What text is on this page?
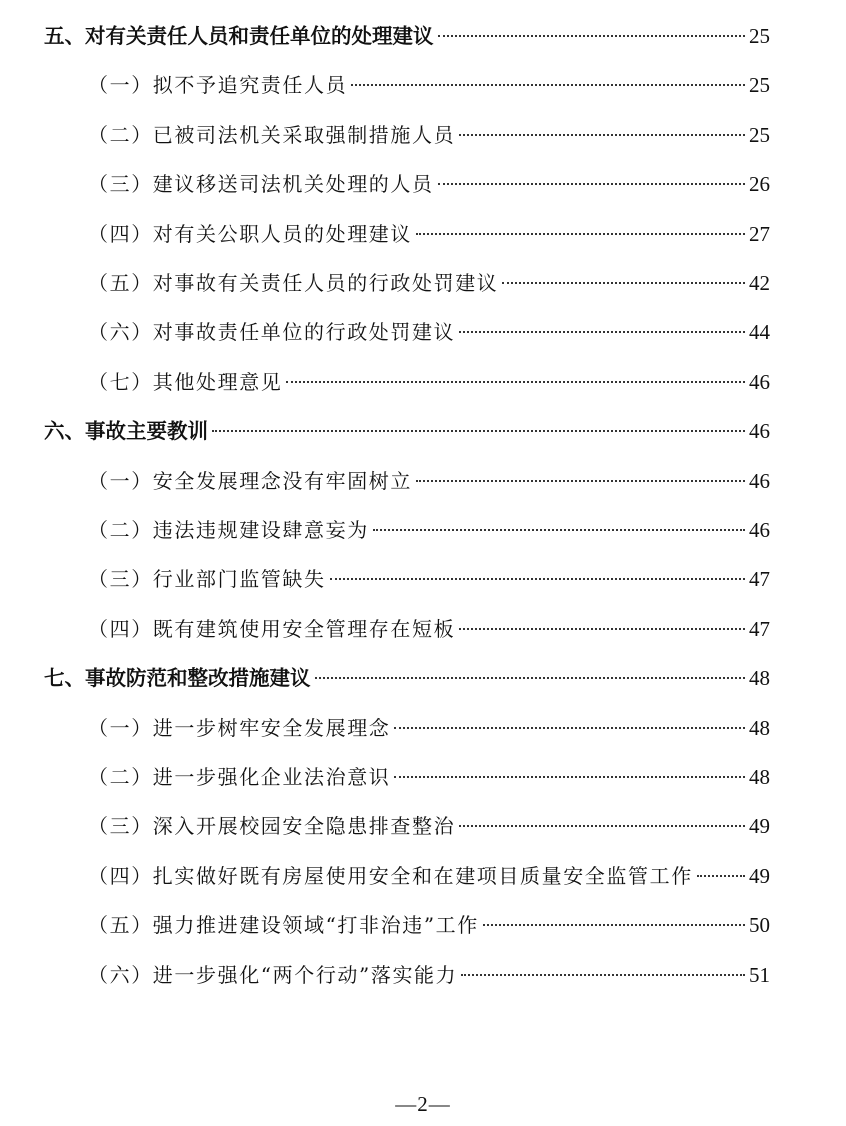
五、对有关责任人员和责任单位的处理建议	25
（一）拟不予追究责任人员	25
（二）已被司法机关采取强制措施人员	25
（三）建议移送司法机关处理的人员	26
（四）对有关公职人员的处理建议	27
（五）对事故有关责任人员的行政处罚建议	42
（六）对事故责任单位的行政处罚建议	44
（七）其他处理意见	46
六、事故主要教训	46
（一）安全发展理念没有牢固树立	46
（二）违法违规建设肆意妄为	46
（三）行业部门监管缺失	47
（四）既有建筑使用安全管理存在短板	47
七、事故防范和整改措施建议	48
（一）进一步树牢安全发展理念	48
（二）进一步强化企业法治意识	48
（三）深入开展校园安全隐患排查整治	49
（四）扎实做好既有房屋使用安全和在建项目质量安全监管工作	49
（五）强力推进建设领域“打非治违”工作	50
（六）进一步强化“两个行动”落实能力	51
—2—
